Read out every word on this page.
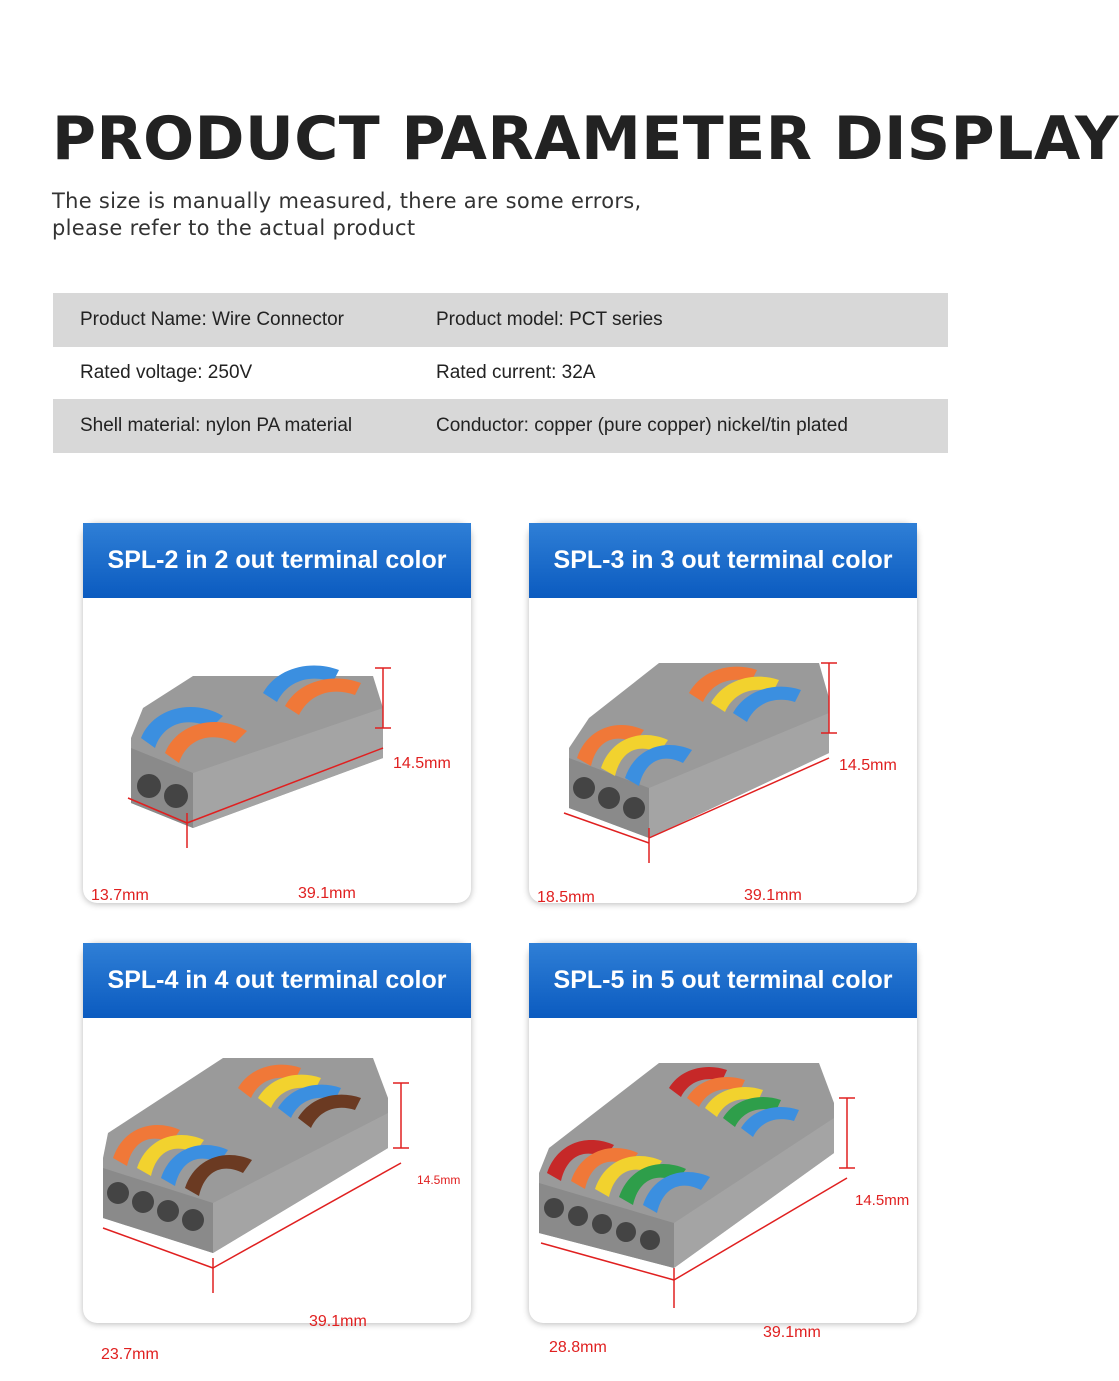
PRODUCT PARAMETER DISPLAY
The size is manually measured, there are some errors,
please refer to the actual product
Product Name: Wire Connector	Product model: PCT series
Rated voltage: 250V	Rated current: 32A
Shell material: nylon PA material	Conductor: copper (pure copper) nickel/tin plated
SPL-2 in 2 out terminal color
14.5mm
39.1mm
13.7mm
SPL-3 in 3 out terminal color
14.5mm
39.1mm
18.5mm
SPL-4 in 4 out terminal color
14.5mm
39.1mm
23.7mm
SPL-5 in 5 out terminal color
14.5mm
39.1mm
28.8mm
